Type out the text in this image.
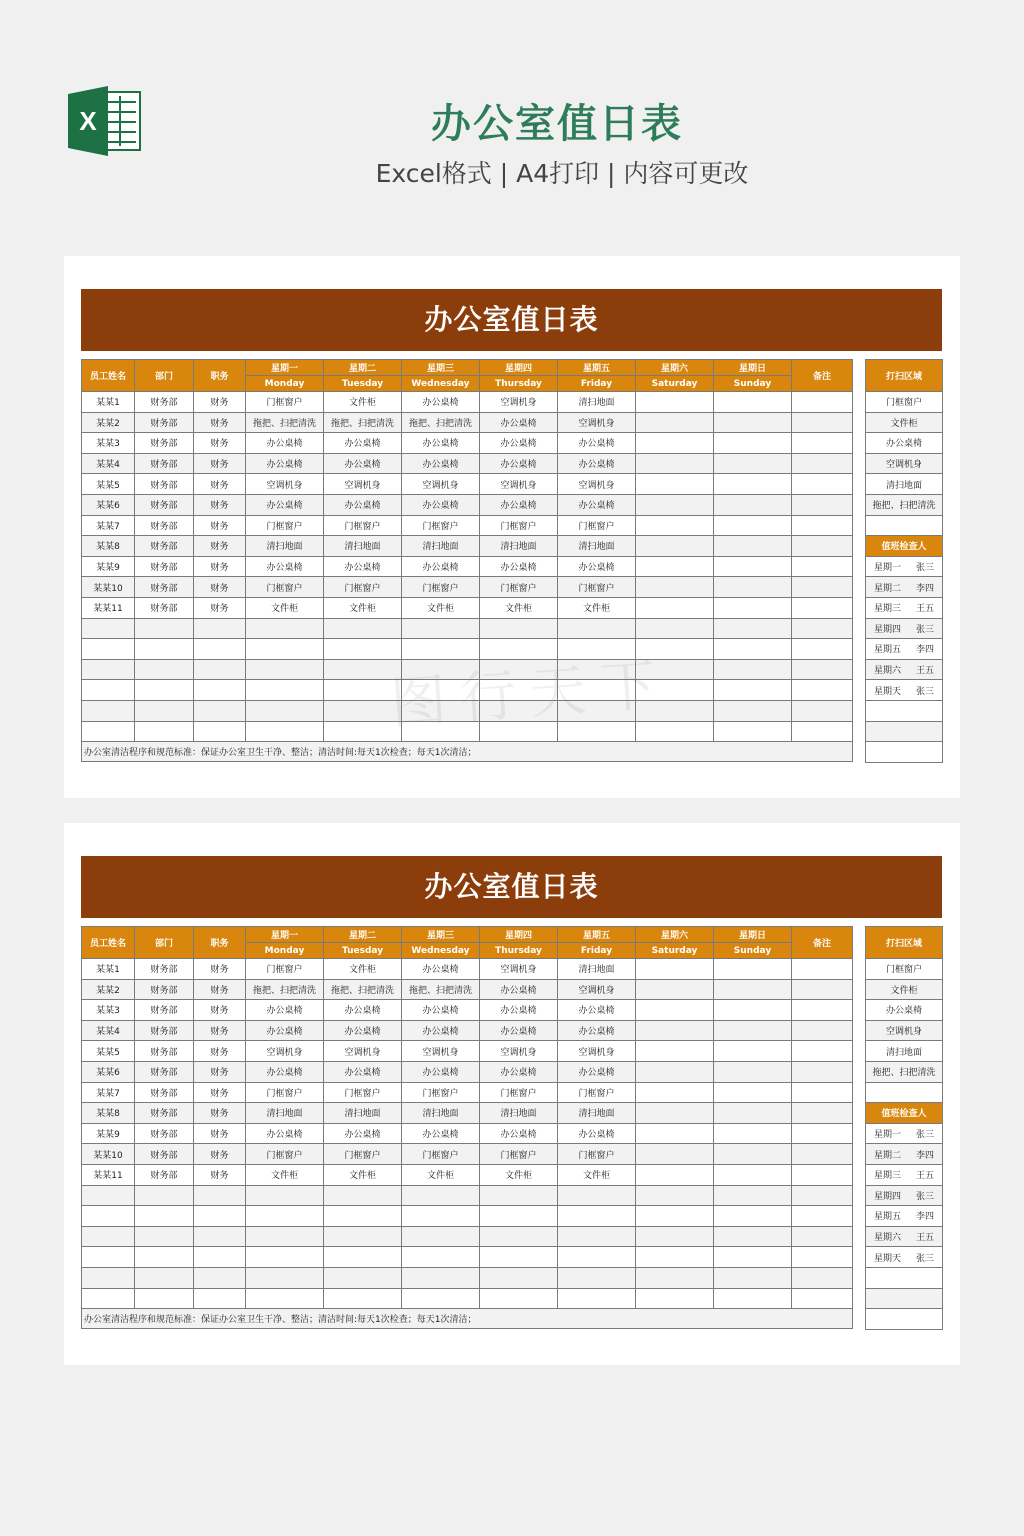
X	办公室值日表
Excel格式 | A4打印 | 内容可更改
办公室值日表
员工姓名	部门	职务	星期一	星期二	星期三	星期四	星期五	星期六	星期日	备注
			Monday	Tuesday	Wednesday	Thursday	Friday	Saturday	Sunday	
某某1	财务部	财务	门框窗户	文件柜	办公桌椅	空调机身	清扫地面			
某某2	财务部	财务	拖把、扫把清洗	拖把、扫把清洗	拖把、扫把清洗	办公桌椅	空调机身			
某某3	财务部	财务	办公桌椅	办公桌椅	办公桌椅	办公桌椅	办公桌椅			
某某4	财务部	财务	办公桌椅	办公桌椅	办公桌椅	办公桌椅	办公桌椅			
某某5	财务部	财务	空调机身	空调机身	空调机身	空调机身	空调机身			
某某6	财务部	财务	办公桌椅	办公桌椅	办公桌椅	办公桌椅	办公桌椅			
某某7	财务部	财务	门框窗户	门框窗户	门框窗户	门框窗户	门框窗户			
某某8	财务部	财务	清扫地面	清扫地面	清扫地面	清扫地面	清扫地面			
某某9	财务部	财务	办公桌椅	办公桌椅	办公桌椅	办公桌椅	办公桌椅			
某某10	财务部	财务	门框窗户	门框窗户	门框窗户	门框窗户	门框窗户			
某某11	财务部	财务	文件柜	文件柜	文件柜	文件柜	文件柜			

办公室清洁程序和规范标准：保证办公室卫生干净、整洁；清洁时间:每天1次检查；每天1次清洁；										
打扫区域
门框窗户
文件柜
办公桌椅
空调机身
清扫地面
拖把、扫把清洗

值班检查人
星期一 张三

星期二 李四

星期三 王五

星期四 张三

星期五 李四

星期六 王五

星期天 张三

办公室值日表
员工姓名	部门	职务	星期一	星期二	星期三	星期四	星期五	星期六	星期日	备注
			Monday	Tuesday	Wednesday	Thursday	Friday	Saturday	Sunday	
某某1	财务部	财务	门框窗户	文件柜	办公桌椅	空调机身	清扫地面			
某某2	财务部	财务	拖把、扫把清洗	拖把、扫把清洗	拖把、扫把清洗	办公桌椅	空调机身			
某某3	财务部	财务	办公桌椅	办公桌椅	办公桌椅	办公桌椅	办公桌椅			
某某4	财务部	财务	办公桌椅	办公桌椅	办公桌椅	办公桌椅	办公桌椅			
某某5	财务部	财务	空调机身	空调机身	空调机身	空调机身	空调机身			
某某6	财务部	财务	办公桌椅	办公桌椅	办公桌椅	办公桌椅	办公桌椅			
某某7	财务部	财务	门框窗户	门框窗户	门框窗户	门框窗户	门框窗户			
某某8	财务部	财务	清扫地面	清扫地面	清扫地面	清扫地面	清扫地面			
某某9	财务部	财务	办公桌椅	办公桌椅	办公桌椅	办公桌椅	办公桌椅			
某某10	财务部	财务	门框窗户	门框窗户	门框窗户	门框窗户	门框窗户			
某某11	财务部	财务	文件柜	文件柜	文件柜	文件柜	文件柜			

办公室清洁程序和规范标准：保证办公室卫生干净、整洁；清洁时间:每天1次检查；每天1次清洁；										
打扫区域
门框窗户
文件柜
办公桌椅
空调机身
清扫地面
拖把、扫把清洗

值班检查人
星期一 张三

星期二 李四

星期三 王五

星期四 张三

星期五 李四

星期六 王五

星期天 张三

图行天下
